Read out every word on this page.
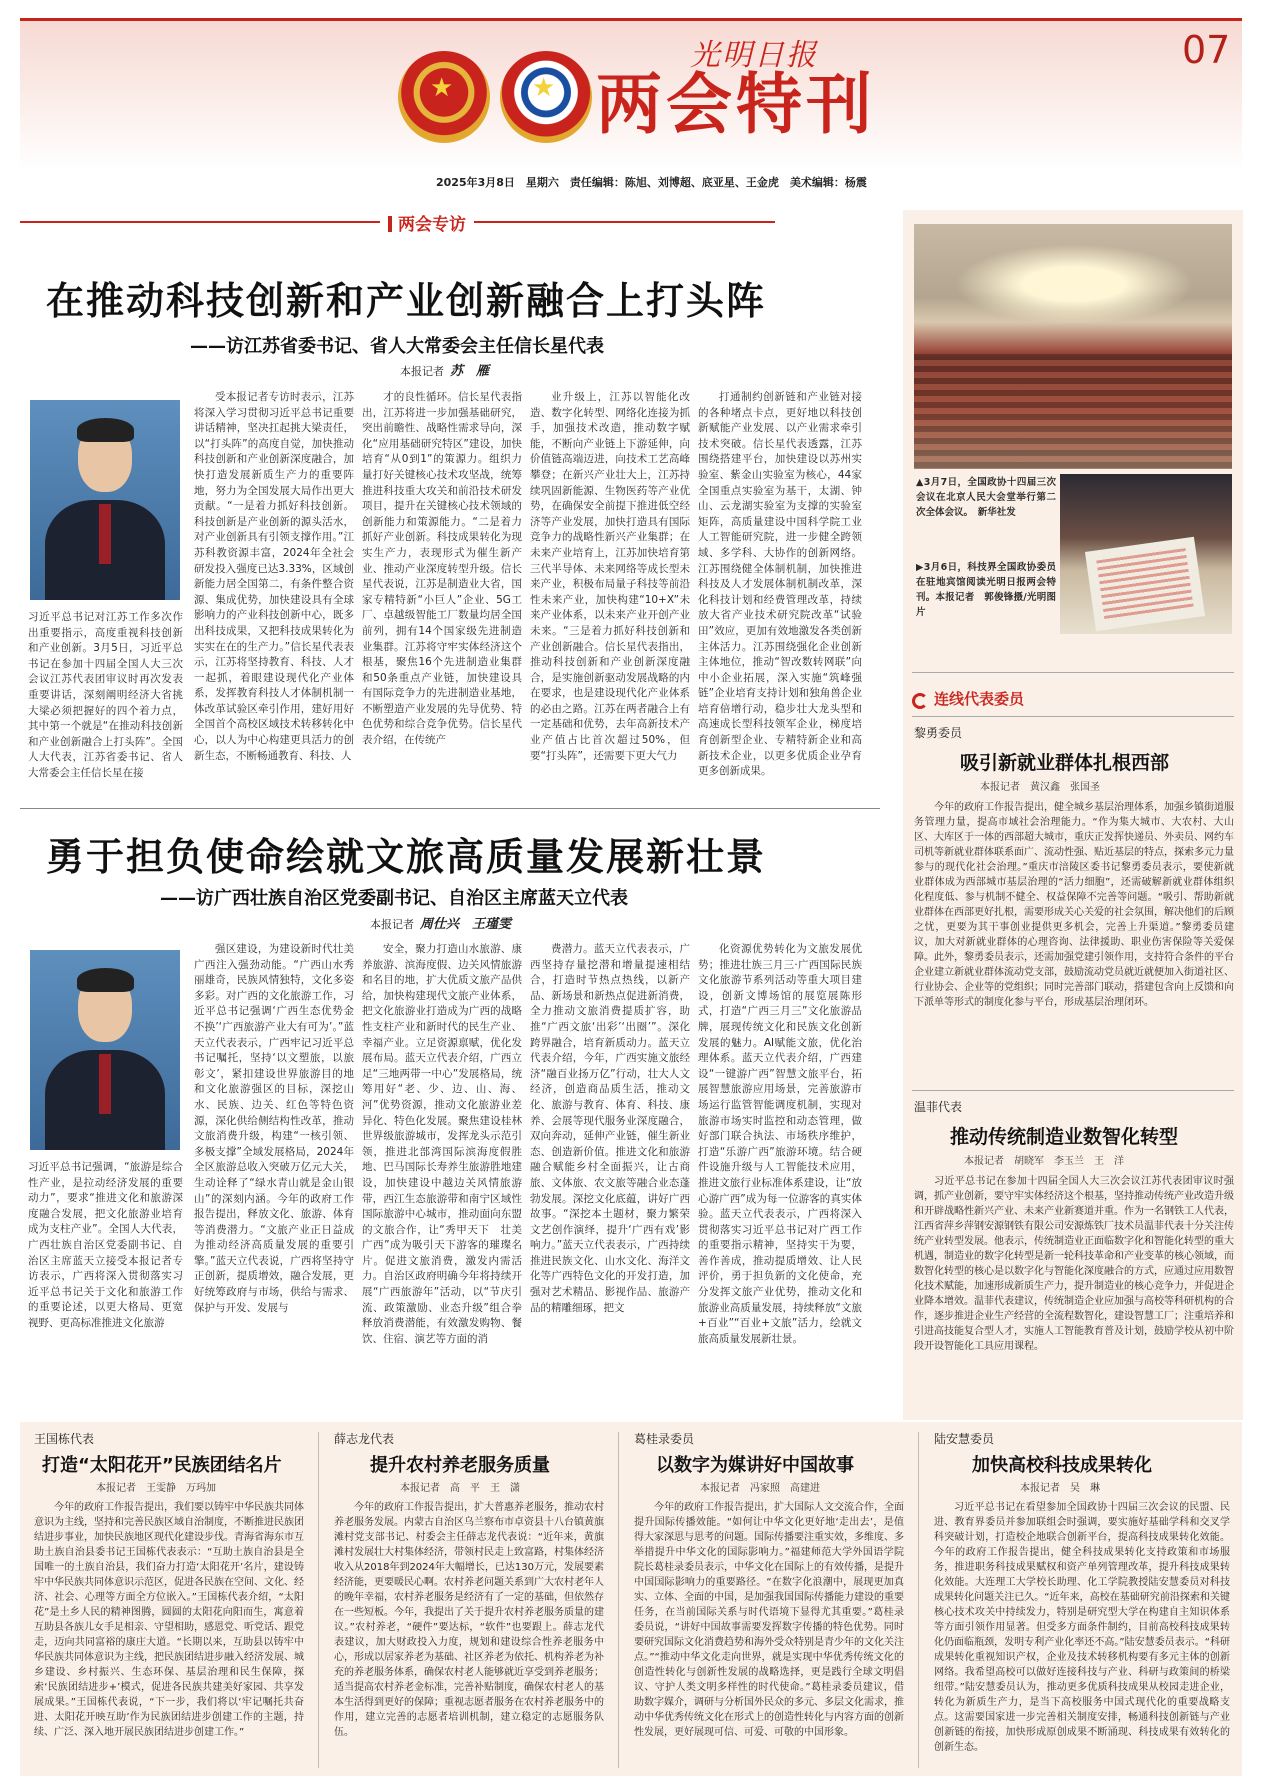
★	★
光明日报
两会特刊
07
2025年3月8日　星期六　责任编辑：陈旭、刘博超、底亚星、王金虎　美术编辑：杨震
两会专访
在推动科技创新和产业创新融合上打头阵
——访江苏省委书记、省人大常委会主任信长星代表
本报记者 苏　雁
习近平总书记对江苏工作多次作出重要指示，高度重视科技创新和产业创新。3月5日，习近平总书记在参加十四届全国人大三次会议江苏代表团审议时再次发表重要讲话，深刻阐明经济大省挑大梁必须把握好的四个着力点，其中第一个就是“在推动科技创新和产业创新融合上打头阵”。全国人大代表，江苏省委书记、省人大常委会主任信长星在接

受本报记者专访时表示，江苏将深入学习贯彻习近平总书记重要讲话精神，坚决扛起挑大梁责任，以“打头阵”的高度自觉，加快推动科技创新和产业创新深度融合，加快打造发展新质生产力的重要阵地，努力为全国发展大局作出更大贡献。“一是着力抓好科技创新。科技创新是产业创新的源头活水，对产业创新具有引领支撑作用。”江苏科教资源丰富，2024年全社会研发投入强度已达3.33%，区域创新能力居全国第二，有条件整合资源、集成优势，加快建设具有全球影响力的产业科技创新中心，既多出科技成果，又把科技成果转化为实实在在的生产力。”信长星代表表示，江苏将坚持教育、科技、人才一起抓，着眼建设现代化产业体系，发挥教育科技人才体制机制一体改革试验区牵引作用，建好用好全国首个高校区域技术转移转化中心，以人为中心构建更具活力的创新生态，不断畅通教育、科技、人

才的良性循环。信长星代表指出，江苏将进一步加强基础研究，突出前瞻性、战略性需求导向，深化“应用基础研究特区”建设，加快培育“从0到1”的策源力。组织力量打好关键核心技术攻坚战，统筹推进科技重大攻关和前沿技术研发项目，提升在关键核心技术领域的创新能力和策源能力。“二是着力抓好产业创新。科技成果转化为现实生产力，表现形式为催生新产业、推动产业深度转型升级。信长星代表说，江苏是制造业大省，国家专精特新“小巨人”企业、5G工厂、卓越级智能工厂数量均居全国前列，拥有14个国家级先进制造业集群。江苏将守牢实体经济这个根基，聚焦16个先进制造业集群和50条重点产业链，加快建设具有国际竞争力的先进制造业基地，不断塑造产业发展的先导优势、特色优势和综合竞争优势。信长星代表介绍，在传统产

业升级上，江苏以智能化改造、数字化转型、网络化连接为抓手，加强技术改造，推动数字赋能，不断向产业链上下游延伸，向价值链高端迈进，向技术工艺高峰攀登；在新兴产业壮大上，江苏持续巩固新能源、生物医药等产业优势，在确保安全前提下推进低空经济等产业发展，加快打造具有国际竞争力的战略性新兴产业集群；在未来产业培育上，江苏加快培育第三代半导体、未来网络等成长型未来产业，积极布局量子科技等前沿性未来产业，加快构建“10+X”未来产业体系，以未来产业开创产业未来。“三是着力抓好科技创新和产业创新融合。信长星代表指出，推动科技创新和产业创新深度融合，是实施创新驱动发展战略的内在要求，也是建设现代化产业体系的必由之路。江苏在两者融合上有一定基础和优势，去年高新技术产业产值占比首次超过50%，但要“打头阵”，还需要下更大气力

打通制约创新链和产业链对接的各种堵点卡点，更好地以科技创新赋能产业发展、以产业需求牵引技术突破。信长星代表透露，江苏围绕搭建平台，加快建设以苏州实验室、紫金山实验室为核心，44家全国重点实验室为基干，太湖、钟山、云龙湖实验室为支撑的实验室矩阵，高质量建设中国科学院工业人工智能研究院，进一步健全跨领域、多学科、大协作的创新网络。江苏围绕健全体制机制，加快推进科技及人才发展体制机制改革，深化科技计划和经费管理改革，持续放大省产业技术研究院改革“试验田”效应，更加有效地激发各类创新主体活力。江苏围绕强化企业创新主体地位，推动“智改数转网联”向中小企业拓展，深入实施“筑峰强链”企业培育支持计划和独角兽企业培育倍增行动，稳步壮大龙头型和高速成长型科技领军企业，梯度培育创新型企业、专精特新企业和高新技术企业，以更多优质企业孕育更多创新成果。

勇于担负使命绘就文旅高质量发展新壮景
——访广西壮族自治区党委副书记、自治区主席蓝天立代表
本报记者 周仕兴　王瑾雯
习近平总书记强调，“旅游是综合性产业，是拉动经济发展的重要动力”，要求“推进文化和旅游深度融合发展，把文化旅游业培育成为支柱产业”。全国人大代表，广西壮族自治区党委副书记、自治区主席蓝天立接受本报记者专访表示，广西将深入贯彻落实习近平总书记关于文化和旅游工作的重要论述，以更大格局、更宽视野、更高标准推进文化旅游

强区建设，为建设新时代壮美广西注入强劲动能。“广西山水秀丽雄奇，民族风情独特，文化多姿多彩。对广西的文化旅游工作，习近平总书记强调‘广西生态优势金不换’‘广西旅游产业大有可为’。”蓝天立代表表示，广西牢记习近平总书记嘱托，坚持‘以文塑旅，以旅彰文’，紧扣建设世界旅游目的地和文化旅游强区的目标，深挖山水、民族、边关、红色等特色资源，深化供给侧结构性改革，推动文旅消费升级，构建“一核引领、多极支撑”全域发展格局，2024年全区旅游总收入突破万亿元大关，生动诠释了“绿水青山就是金山银山”的深刻内涵。今年的政府工作报告提出，释放文化、旅游、体育等消费潜力。“文旅产业正日益成为推动经济高质量发展的重要引擎。”蓝天立代表说，广西将坚持守正创新，提质增效，融合发展，更好统筹政府与市场，供给与需求、保护与开发、发展与

安全，聚力打造山水旅游、康养旅游、滨海度假、边关风情旅游和名目的地，扩大优质文旅产品供给，加快构建现代文旅产业体系，把文化旅游业打造成为广西的战略性支柱产业和新时代的民生产业、幸福产业。立足资源禀赋，优化发展布局。蓝天立代表介绍，广西立足“三地两带一中心”发展格局，统筹用好“老、少、边、山、海、河”优势资源，推动文化旅游业差异化、特色化发展。聚焦建设桂林世界级旅游城市，发挥龙头示范引领，推进北部湾国际滨海度假胜地、巴马国际长寿养生旅游胜地建设，加快建设中越边关风情旅游带，西江生态旅游带和南宁区域性国际旅游中心城市，推动面向东盟的文旅合作，让“秀甲天下　壮美广西”成为吸引天下游客的璀璨名片。促进文旅消费，激发内需活力。自治区政府明确今年将持续开展“广西旅游年”活动，以“节庆引流、政策激励、业态升级”组合拳释放消费潜能，有效激发购物、餐饮、住宿、演艺等方面的消

费潜力。蓝天立代表表示，广西坚持存量挖潜和增量提速相结合，打造时节热点热线，以新产品、新场景和新热点促进新消费，全力推动文旅消费提质扩容，助推“广西文旅‘出彩’‘出圈’”。深化跨界融合，培育新质动力。蓝天立代表介绍，今年，广西实施文旅经济“融百业扬万亿”行动，壮大人文经济，创造商品质生活，推动文化、旅游与教育、体育、科技、康养、会展等现代服务业深度融合，双向奔动，延伸产业链，催生新业态、创造新价值。推进文化和旅游融合赋能乡村全面振兴，让古商旅、文体旅、农文旅等融合业态蓬勃发展。深挖文化底蕴，讲好广西故事。“深挖本土题材，聚力繁荣文艺创作演绎，提升‘广西有戏’影响力。”蓝天立代表表示，广西持续推进民族文化、山水文化、海洋文化等广西特色文化的开发打造，加强对艺术精品、影视作品、旅游产品的精雕细琢，把文

化资源优势转化为文旅发展优势；推进壮族三月三·广西国际民族文化旅游节系列活动等重大项目建设，创新文博场馆的展览展陈形式，打造“广西三月三”文化旅游品牌，展现传统文化和民族文化创新发展的魅力。AI赋能文旅，优化治理体系。蓝天立代表介绍，广西建设“一键游广西”智慧文旅平台，拓展智慧旅游应用场景，完善旅游市场运行监管智能调度机制，实现对旅游市场实时监控和动态管理，做好部门联合执法、市场秩序维护，打造“乐游广西”旅游环境。结合硬件设施升级与人工智能技术应用，推进文旅行业标准体系建设，让“放心游广西”成为每一位游客的真实体验。蓝天立代表表示，广西将深入贯彻落实习近平总书记对广西工作的重要指示精神，坚持实干为要，善作善成，推动提质增效、让人民评价，勇于担负新的文化使命，充分发挥文旅产业优势，推动文化和旅游业高质量发展，持续释放“文旅+百业”“百业+文旅”活力，绘就文旅高质量发展新壮景。

▲3月7日，全国政协十四届三次会议在北京人民大会堂举行第二次全体会议。　新华社发
▶3月6日，科技界全国政协委员在驻地宾馆阅读光明日报两会特刊。本报记者　郭俊锋摄/光明图片
连线代表委员
黎勇委员
吸引新就业群体扎根西部
本报记者　黄汉鑫　张国圣

今年的政府工作报告提出，健全城乡基层治理体系，加强乡镇街道服务管理力量，提高市域社会治理能力。“作为集大城市、大农村、大山区、大库区于一体的西部超大城市，重庆正发挥快递员、外卖员、网约车司机等新就业群体联系面广、流动性强、贴近基层的特点，探索多元力量参与的现代化社会治理。”重庆市涪陵区委书记黎勇委员表示，要使新就业群体成为西部城市基层治理的“活力细胞”，还需破解新就业群体组织化程度低、参与机制不健全、权益保障不完善等问题。“吸引、帮助新就业群体在西部更好扎根，需要形成关心关爱的社会氛围，解决他们的后顾之忧，更要为其干事创业提供更多机会，完善上升渠道。”黎勇委员建议，加大对新就业群体的心理咨询、法律援助、职业伤害保险等关爱保障。此外，黎勇委员表示，还需加强党建引领作用，支持符合条件的平台企业建立新就业群体流动党支部，鼓励流动党员就近就便加入街道社区、行业协会、企业等的党组织；同时完善部门联动，搭建包含向上反馈和向下派单等形式的制度化参与平台，形成基层治理闭环。

温菲代表
推动传统制造业数智化转型
本报记者　胡晓军　李玉兰　王　洋

习近平总书记在参加十四届全国人大三次会议江苏代表团审议时强调，抓产业创新，要守牢实体经济这个根基，坚持推动传统产业改造升级和开辟战略性新兴产业、未来产业新赛道并重。作为一名钢铁工人代表，江西省萍乡萍钢安源钢铁有限公司安源炼铁厂技术员温菲代表十分关注传统产业转型发展。他表示，传统制造业正面临数字化和智能化转型的重大机遇，制造业的数字化转型是新一轮科技革命和产业变革的核心领域，而数智化转型的核心是以数字化与智能化深度融合的方式，应通过应用数智化技术赋能，加速形成新质生产力，提升制造业的核心竞争力，并促进企业降本增效。温菲代表建议，传统制造企业应加强与高校等科研机构的合作，逐步推进企业生产经营的全流程数智化，建设智慧工厂；注重培养和引进高技能复合型人才，实施人工智能教育普及计划，鼓励学校从初中阶段开设智能化工具应用课程。

王国栋代表
打造“太阳花开”民族团结名片
本报记者　王雯静　万玛加

今年的政府工作报告提出，我们要以铸牢中华民族共同体意识为主线，坚持和完善民族区域自治制度，不断推进民族团结进步事业，加快民族地区现代化建设步伐。青海省海东市互助土族自治县委书记王国栋代表表示：“互助土族自治县是全国唯一的土族自治县，我们奋力打造‘太阳花开’名片，建设铸牢中华民族共同体意识示范区，促进各民族在空间、文化、经济、社会、心理等方面全方位嵌入。”王国栋代表介绍，“太阳花”是土乡人民的精神图腾，圆圆的太阳花向阳而生，寓意着互助县各族儿女手足相亲、守望相助，感恩党、听党话、跟党走，迈向共同富裕的康庄大道。“长期以来，互助县以铸牢中华民族共同体意识为主线，把民族团结进步融入经济发展、城乡建设、乡村振兴、生态环保、基层治理和民生保障，探索‘民族团结进步+’模式，促进各民族共建美好家园、共享发展成果。”王国栋代表说，“下一步，我们将以‘牢记嘱托共奋进、太阳花开映互助’作为民族团结进步创建工作的主题，持续、广泛、深入地开展民族团结进步创建工作。”

薛志龙代表
提升农村养老服务质量
本报记者　高　平　王　潇

今年的政府工作报告提出，扩大普惠养老服务，推动农村养老服务发展。内蒙古自治区乌兰察布市卓资县十八台镇黄旗滩村党支部书记、村委会主任薛志龙代表说：“近年来，黄旗滩村发展壮大村集体经济，带领村民走上致富路，村集体经济收入从2018年到2024年大幅增长，已达130万元，发展要素经济能，更要暖民心啊。农村养老问题关系到广大农村老年人的晚年幸福，农村养老服务是经济有了一定的基础，但依然存在一些短板。今年，我提出了关于提升农村养老服务质量的建议。”农村养老，“硬件”要达标，“软件”也要跟上。薛志龙代表建议，加大财政投入力度，规划和建设综合性养老服务中心，形成以居家养老为基础、社区养老为依托、机构养老为补充的养老服务体系，确保农村老人能够就近享受到养老服务；适当提高农村养老金标准，完善补贴制度，确保农村老人的基本生活得到更好的保障；重视志愿者服务在农村养老服务中的作用，建立完善的志愿者培训机制，建立稳定的志愿服务队伍。

葛桂录委员
以数字为媒讲好中国故事
本报记者　冯家照　高建进

今年的政府工作报告提出，扩大国际人文交流合作，全面提升国际传播效能。“如何让中华文化更好地‘走出去’，是值得大家深思与思考的问题。国际传播要注重实效，多维度、多举措提升中华文化的国际影响力。”福建师范大学外国语学院院长葛桂录委员表示，中华文化在国际上的有效传播，是提升中国国际影响力的重要路径。“在数字化浪潮中，展现更加真实、立体、全面的中国，是加强我国国际传播能力建设的重要任务，在当前国际关系与时代语境下显得尤其重要。”葛桂录委员说，“讲好中国故事需要发挥数字传播的特色优势。同时要研究国际文化消费趋势和海外受众特别是青少年的文化关注点。”“推动中华文化走向世界，就是实现中华优秀传统文化的创造性转化与创新性发展的战略选择，更是践行全球文明倡议、守护人类文明多样性的时代使命。”葛桂录委员建议，借助数字媒介，调研与分析国外民众的多元、多层文化需求，推动中华优秀传统文化在形式上的创造性转化与内容方面的创新性发展，更好展现可信、可爱、可敬的中国形象。

陆安慧委员
加快高校科技成果转化
本报记者　吴　琳

习近平总书记在看望参加全国政协十四届三次会议的民盟、民进、教育界委员并参加联组会时强调，要实施好基础学科和交叉学科突破计划，打造校企地联合创新平台，提高科技成果转化效能。今年的政府工作报告提出，健全科技成果转化支持政策和市场服务，推进职务科技成果赋权和资产单列管理改革，提升科技成果转化效能。大连理工大学校长助理、化工学院教授陆安慧委员对科技成果转化问题关注已久。“近年来，高校在基础研究前沿探索和关键核心技术攻关中持续发力，特别是研究型大学在构建自主知识体系等方面引领作用显著。但受多方面条件制约，目前高校科技成果转化仍面临瓶颈，发明专利产业化率还不高。”陆安慧委员表示。“科研成果转化重视知识产权，企业及技术转移机构要有多元主体的创新网络。我希望高校可以做好连接科技与产业、科研与政策间的桥梁纽带。”陆安慧委员认为，推动更多优质科技成果从校园走进企业，转化为新质生产力，是当下高校服务中国式现代化的重要战略支点。这需要国家进一步完善相关制度安排，畅通科技创新链与产业创新链的衔接，加快形成原创成果不断涌现、科技成果有效转化的创新生态。
